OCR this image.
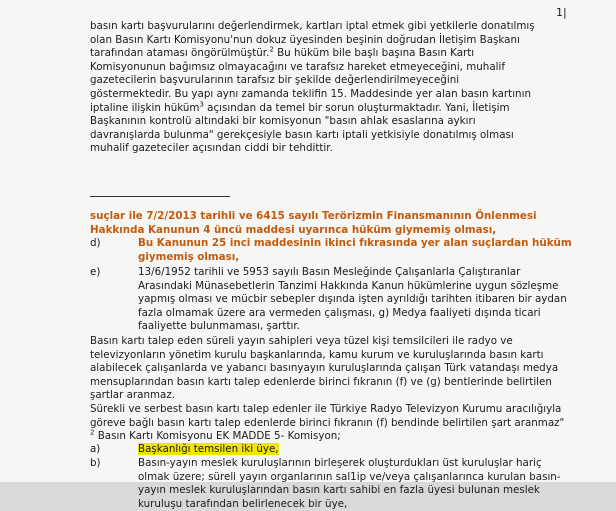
1|
basın kartı başvurularını değerlendirmek, kartları iptal etmek gibi yetkilerle donatılmış
olan Basın Kartı Komisyonu'nun dokuz üyesinden beşinin doğrudan İletişim Başkanı
tarafından ataması öngörülmüştür.$^2$ Bu hüküm bile başlı başına Basın Kartı
Komisyonunun bağımsız olmayacağını ve tarafsız hareket etmeyeceğini, muhalif
gazetecilerin başvurularının tarafsız bir şekilde değerlendirilmeyeceğini
göstermektedir. Bu yapı aynı zamanda teklifin 15. Maddesinde yer alan basın kartının
iptaline ilişkin hüküm$^3$ açısından da temel bir sorun oluşturmaktadır. Yani, İletişim
Başkanının kontrolü altındaki bir komisyonun "basın ahlak esaslarına aykırı
davranışlarda bulunma" gerekçesiyle basın kartı iptali yetkisiyle donatılmış olması
muhalif gazeteciler açısından ciddi bir tehdittir.
suçlar ile 7/2/2013 tarihli ve 6415 sayılı Terörizmin Finansmanının Önlenmesi
Hakkında Kanunun 4 üncü maddesi uyarınca hüküm giymemiş olması,
d)	Bu Kanunun 25 inci maddesinin ikinci fıkrasında yer alan suçlardan hüküm
giymemiş olması,
e)	13/6/1952 tarihli ve 5953 sayılı Basın Mesleğinde Çalışanlarla Çalıştıranlar
Arasındaki Münasebetlerin Tanzimi Hakkında Kanun hükümlerine uygun sözleşme
yapmış olması ve mücbir sebepler dışında işten ayrıldığı tarihten itibaren bir aydan
fazla olmamak üzere ara vermeden çalışması, g) Medya faaliyeti dışında ticari
faaliyette bulunmaması, şarttır.
Basın kartı talep eden süreli yayın sahipleri veya tüzel kişi temsilcileri ile radyo ve
televizyonların yönetim kurulu başkanlarında, kamu kurum ve kuruluşlarında basın kartı
alabilecek çalışanlarda ve yabancı basınyayın kuruluşlarında çalışan Türk vatandaşı medya
mensuplarından basın kartı talep edenlerde birinci fıkranın (f) ve (g) bentlerinde belirtilen
şartlar aranmaz.
Sürekli ve serbest basın kartı talep edenler ile Türkiye Radyo Televizyon Kurumu aracılığıyla
göreve bağlı basın kartı talep edenlerde birinci fıkranın (f) bendinde belirtilen şart aranmaz"
$^2$ Basın Kartı Komisyonu EK MADDE 5- Komisyon;
a)	Başkanlığı temsilen iki üye,
b)	Basın-yayın meslek kuruluşlarının birleşerek oluşturdukları üst kuruluşlar hariç
olmak üzere; süreli yayın organlarının sal1ip ve/veya çalışanlarınca kurulan basın-
yayın meslek kuruluşlarından basın kartı sahibi en fazla üyesi bulunan meslek
kuruluşu tarafından belirlenecek bir üye,
